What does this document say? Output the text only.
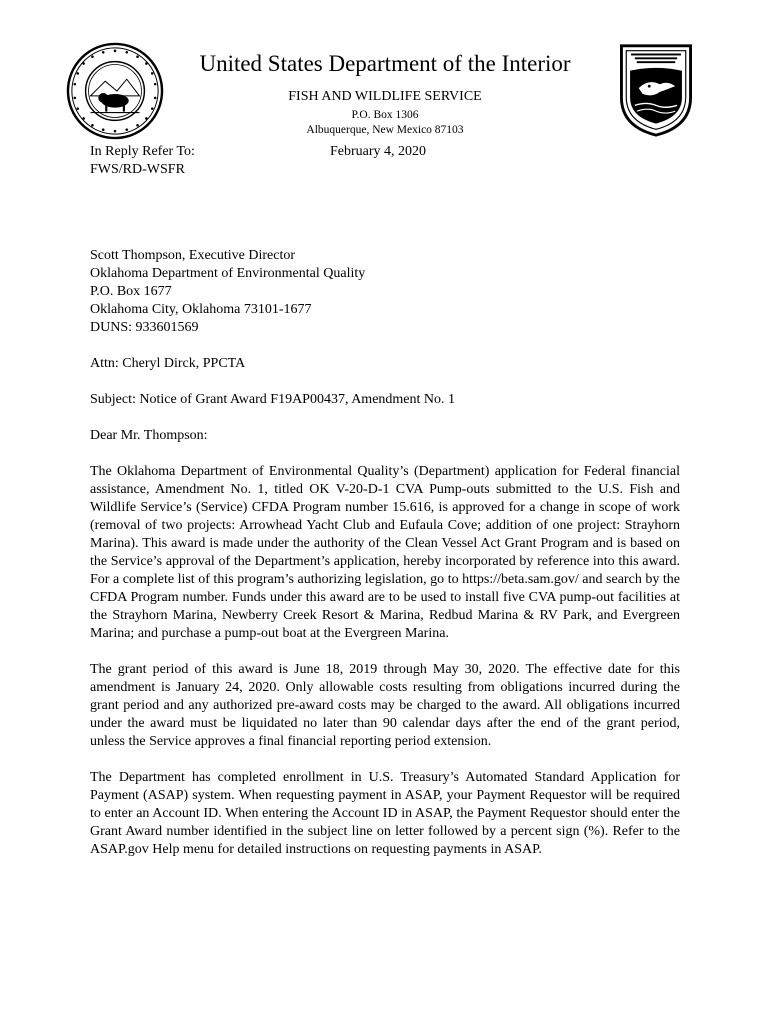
United States Department of the Interior
FISH AND WILDLIFE SERVICE
P.O. Box 1306
Albuquerque, New Mexico 87103
In Reply Refer To:
FWS/RD-WSFR
February 4, 2020
Scott Thompson, Executive Director
Oklahoma Department of Environmental Quality
P.O. Box 1677
Oklahoma City, Oklahoma 73101-1677
DUNS: 933601569
Attn: Cheryl Dirck, PPCTA
Subject: Notice of Grant Award F19AP00437, Amendment No. 1
Dear Mr. Thompson:
The Oklahoma Department of Environmental Quality’s (Department) application for Federal financial assistance, Amendment No. 1, titled OK V-20-D-1 CVA Pump-outs submitted to the U.S. Fish and Wildlife Service’s (Service) CFDA Program number 15.616, is approved for a change in scope of work (removal of two projects: Arrowhead Yacht Club and Eufaula Cove; addition of one project: Strayhorn Marina). This award is made under the authority of the Clean Vessel Act Grant Program and is based on the Service’s approval of the Department’s application, hereby incorporated by reference into this award. For a complete list of this program’s authorizing legislation, go to https://beta.sam.gov/ and search by the CFDA Program number. Funds under this award are to be used to install five CVA pump-out facilities at the Strayhorn Marina, Newberry Creek Resort & Marina, Redbud Marina & RV Park, and Evergreen Marina; and purchase a pump-out boat at the Evergreen Marina.
The grant period of this award is June 18, 2019 through May 30, 2020. The effective date for this amendment is January 24, 2020. Only allowable costs resulting from obligations incurred during the grant period and any authorized pre-award costs may be charged to the award. All obligations incurred under the award must be liquidated no later than 90 calendar days after the end of the grant period, unless the Service approves a final financial reporting period extension.
The Department has completed enrollment in U.S. Treasury’s Automated Standard Application for Payment (ASAP) system. When requesting payment in ASAP, your Payment Requestor will be required to enter an Account ID. When entering the Account ID in ASAP, the Payment Requestor should enter the Grant Award number identified in the subject line on letter followed by a percent sign (%). Refer to the ASAP.gov Help menu for detailed instructions on requesting payments in ASAP.
